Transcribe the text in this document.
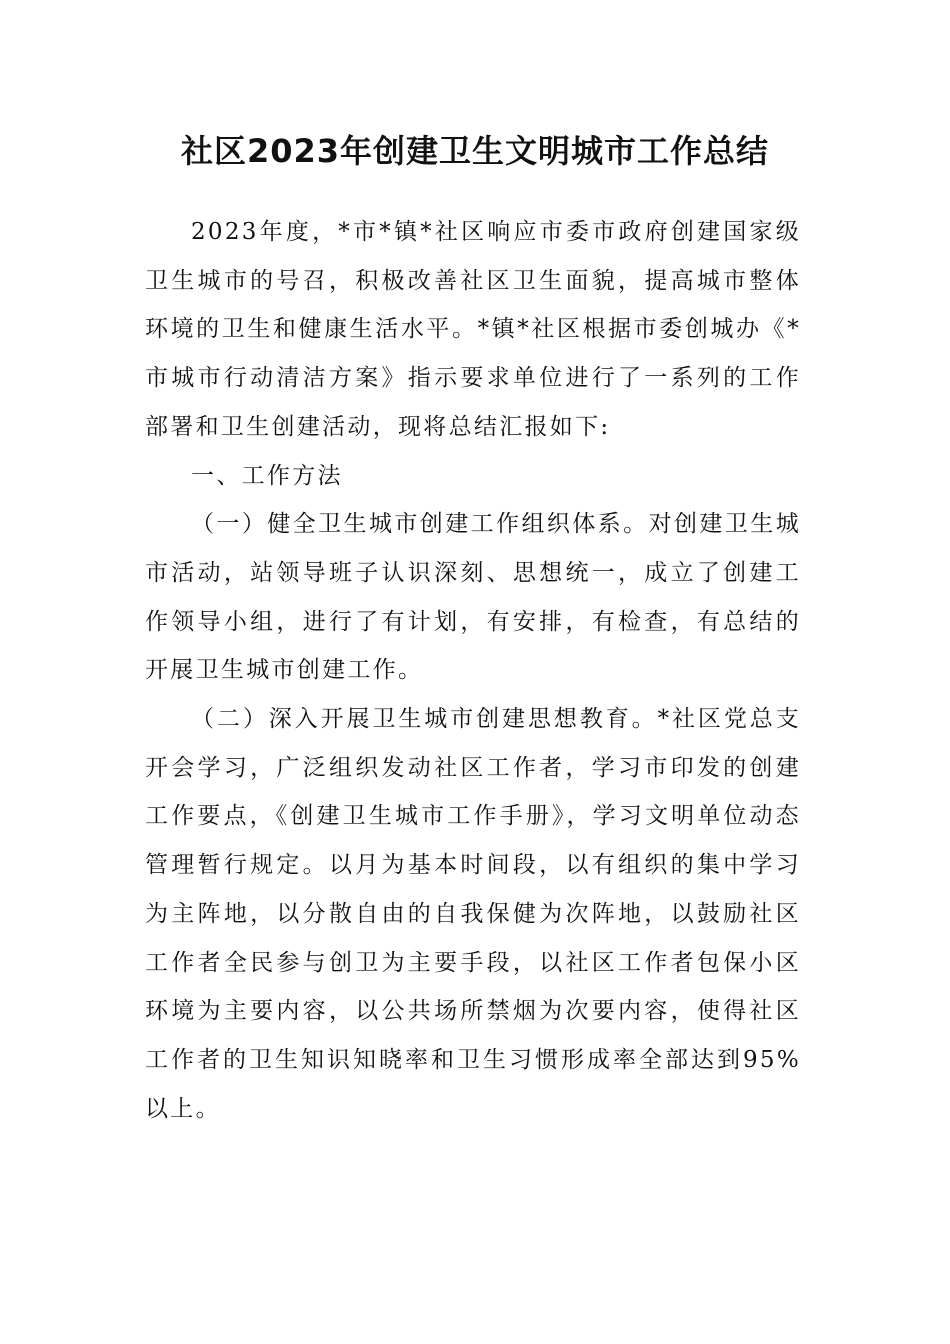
社区2023年创建卫生文明城市工作总结

2023年度，*市*镇*社区响应市委市政府创建国家级卫生城市的号召，积极改善社区卫生面貌，提高城市整体环境的卫生和健康生活水平。*镇*社区根据市委创城办《*市城市行动清洁方案》指示要求单位进行了一系列的工作部署和卫生创建活动，现将总结汇报如下:

一、工作方法

（一）健全卫生城市创建工作组织体系。对创建卫生城市活动，站领导班子认识深刻、思想统一，成立了创建工作领导小组，进行了有计划，有安排，有检查，有总结的开展卫生城市创建工作。

（二）深入开展卫生城市创建思想教育。*社区党总支开会学习，广泛组织发动社区工作者，学习市印发的创建工作要点，《创建卫生城市工作手册》，学习文明单位动态管理暂行规定。以月为基本时间段，以有组织的集中学习为主阵地，以分散自由的自我保健为次阵地，以鼓励社区工作者全民参与创卫为主要手段，以社区工作者包保小区环境为主要内容，以公共场所禁烟为次要内容，使得社区工作者的卫生知识知晓率和卫生习惯形成率全部达到95%以上。
